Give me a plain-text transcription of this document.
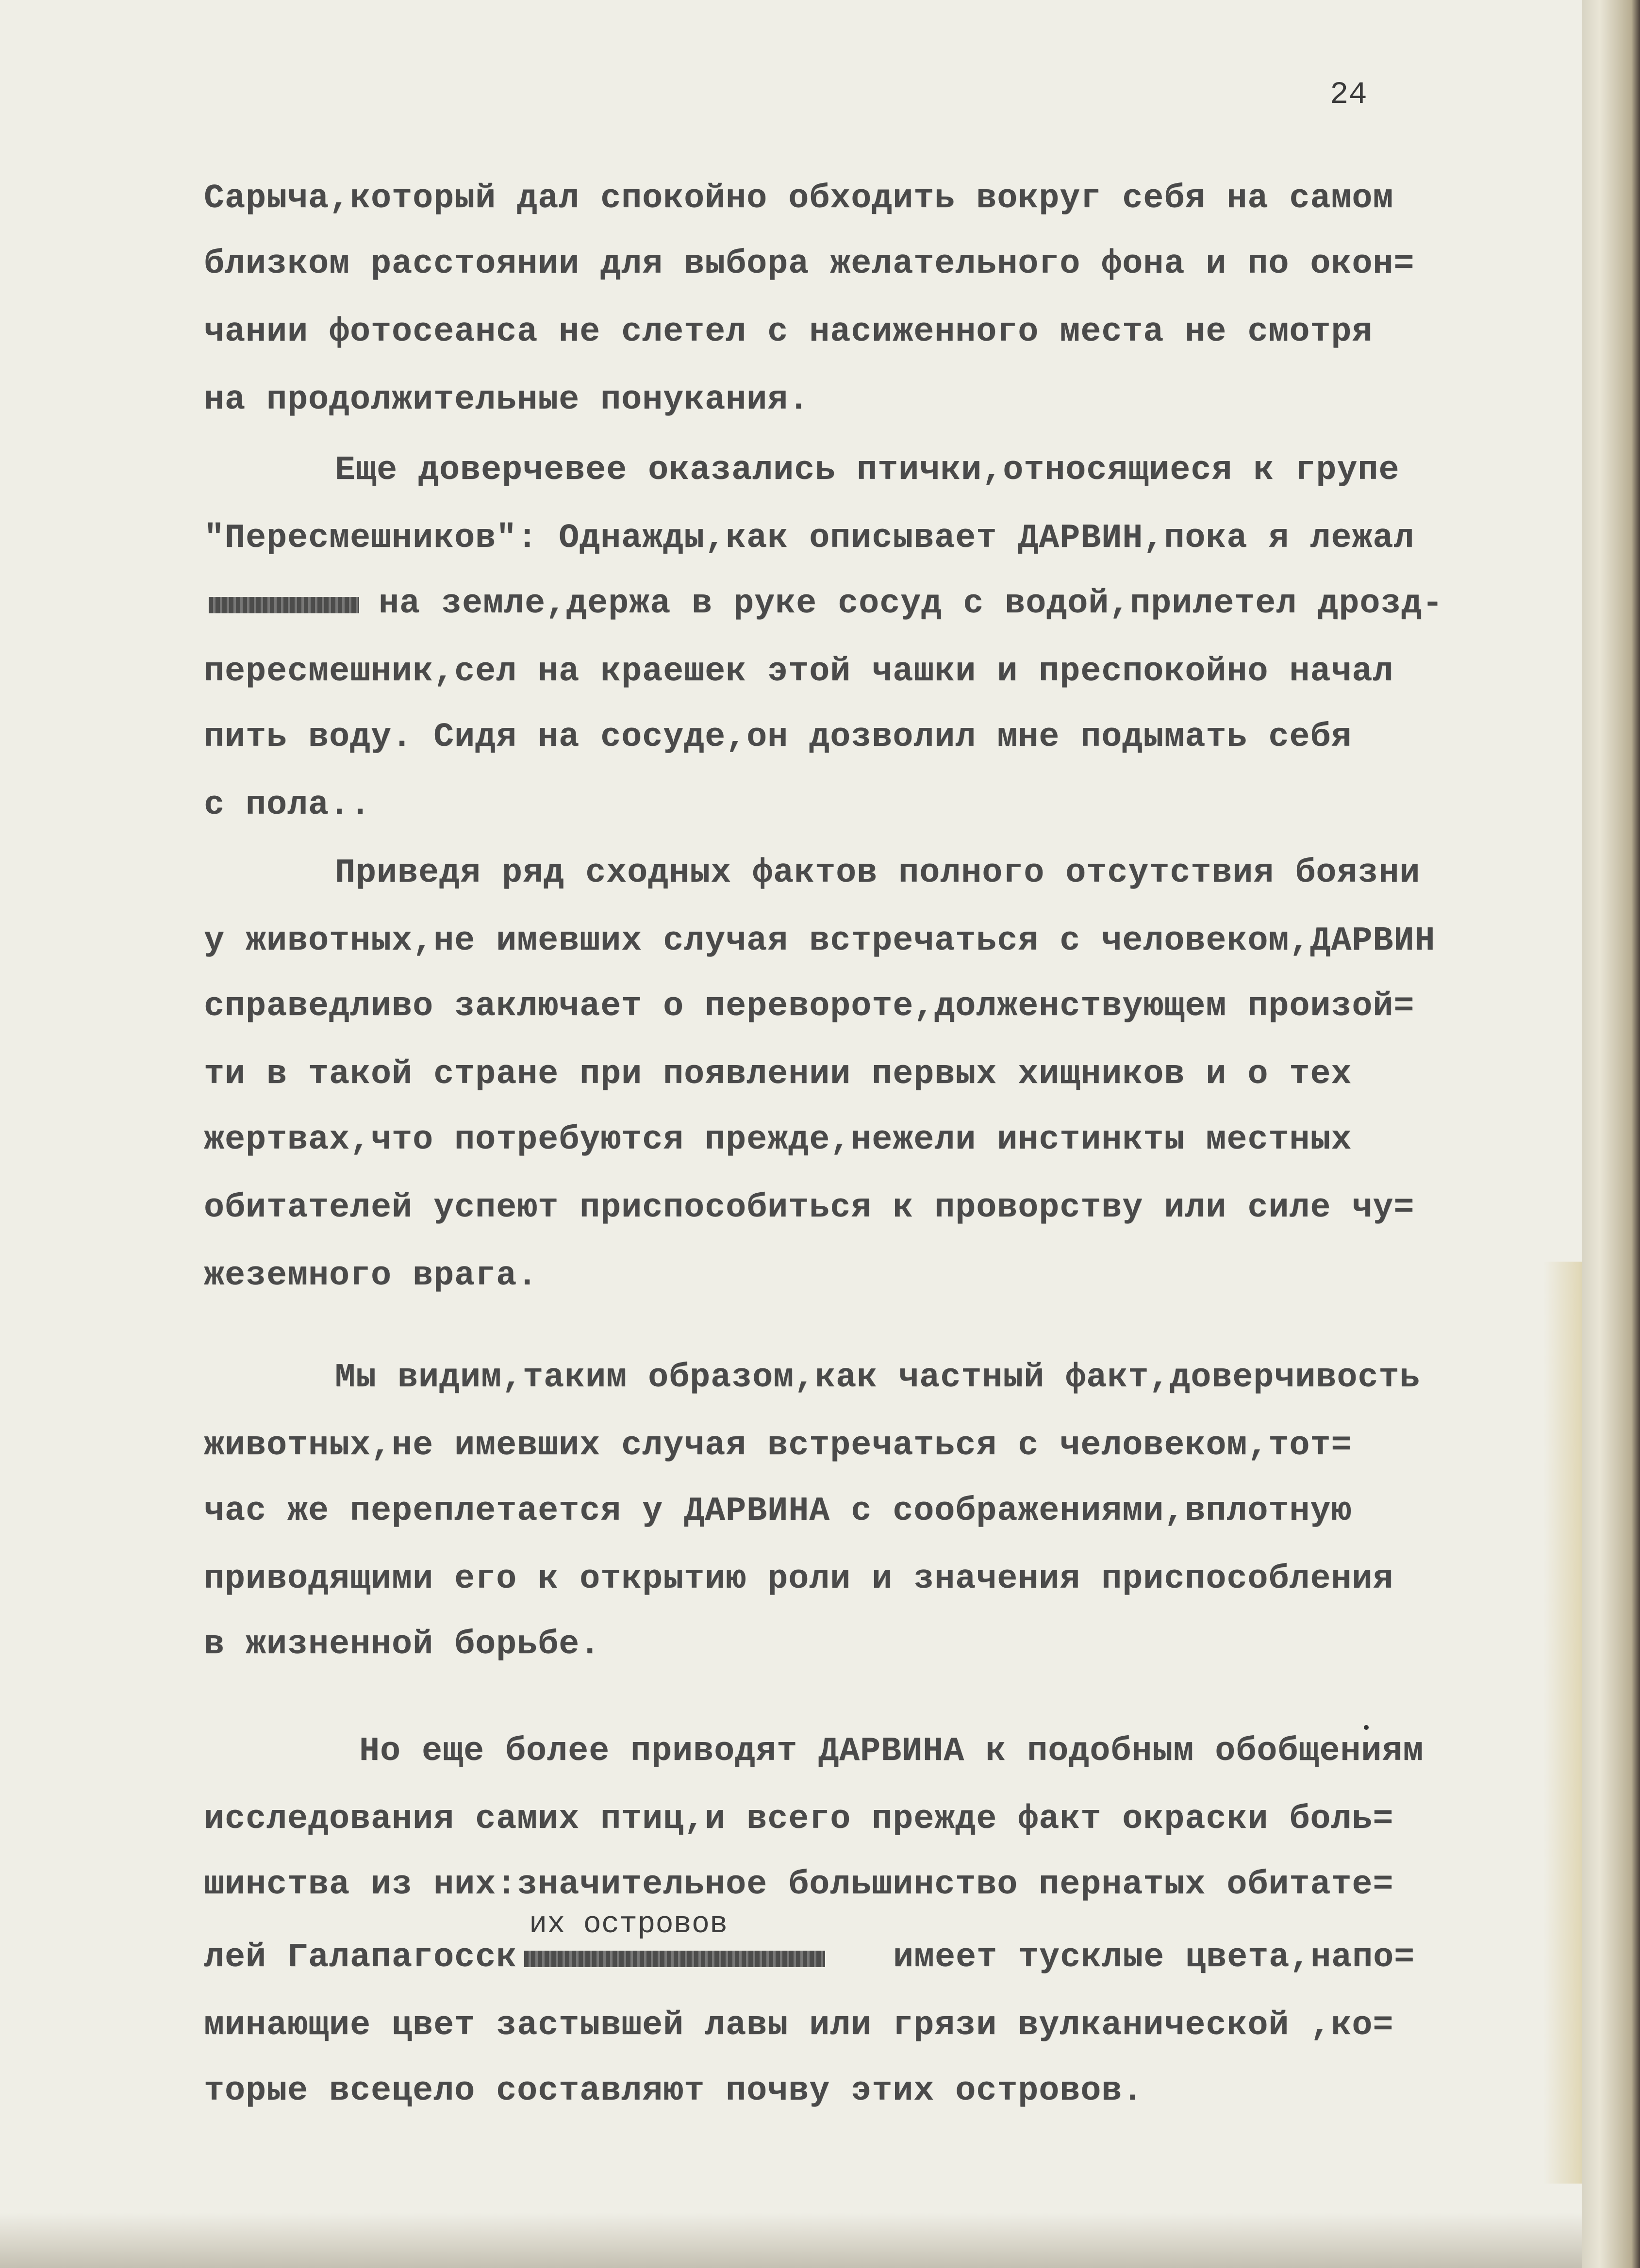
24
Сарыча,который дал спокойно обходить вокруг себя на самом
близком расстоянии для выбора желательного фона и по окон=
чании фотосеанса не слетел с насиженного места не смотря
на продолжительные понукания.
Еще доверчевее оказались птички,относящиеся к групе
"Пересмешников": Однажды,как описывает ДАРВИН,пока я лежал
на земле,держа в руке сосуд с водой,прилетел дрозд-
пересмешник,сел на краешек этой чашки и преспокойно начал
пить воду. Сидя на сосуде,он дозволил мне подымать себя
с пола..
Приведя ряд сходных фактов полного отсутствия боязни
у животных,не имевших случая встречаться с человеком,ДАРВИН
справедливо заключает о перевороте,долженствующем произой=
ти в такой стране при появлении первых хищников и о тех
жертвах,что потребуются прежде,нежели инстинкты местных
обитателей успеют приспособиться к проворству или силе чу=
жеземного врага.
Мы видим,таким образом,как частный факт,доверчивость
животных,не имевших случая встречаться с человеком,тот=
час же переплетается у ДАРВИНА с соображениями,вплотную
приводящими его к открытию роли и значения приспособления
в жизненной борьбе.
Но еще более приводят ДАРВИНА к подобным обобщениям
исследования самих птиц,и всего прежде факт окраски боль=
шинства из них:значительное большинство пернатых обитате=
их островов
лей Галапагосск	имеет тусклые цвета,напо=
минающие цвет застывшей лавы или грязи вулканической ,ко=
торые всецело составляют почву этих островов.
